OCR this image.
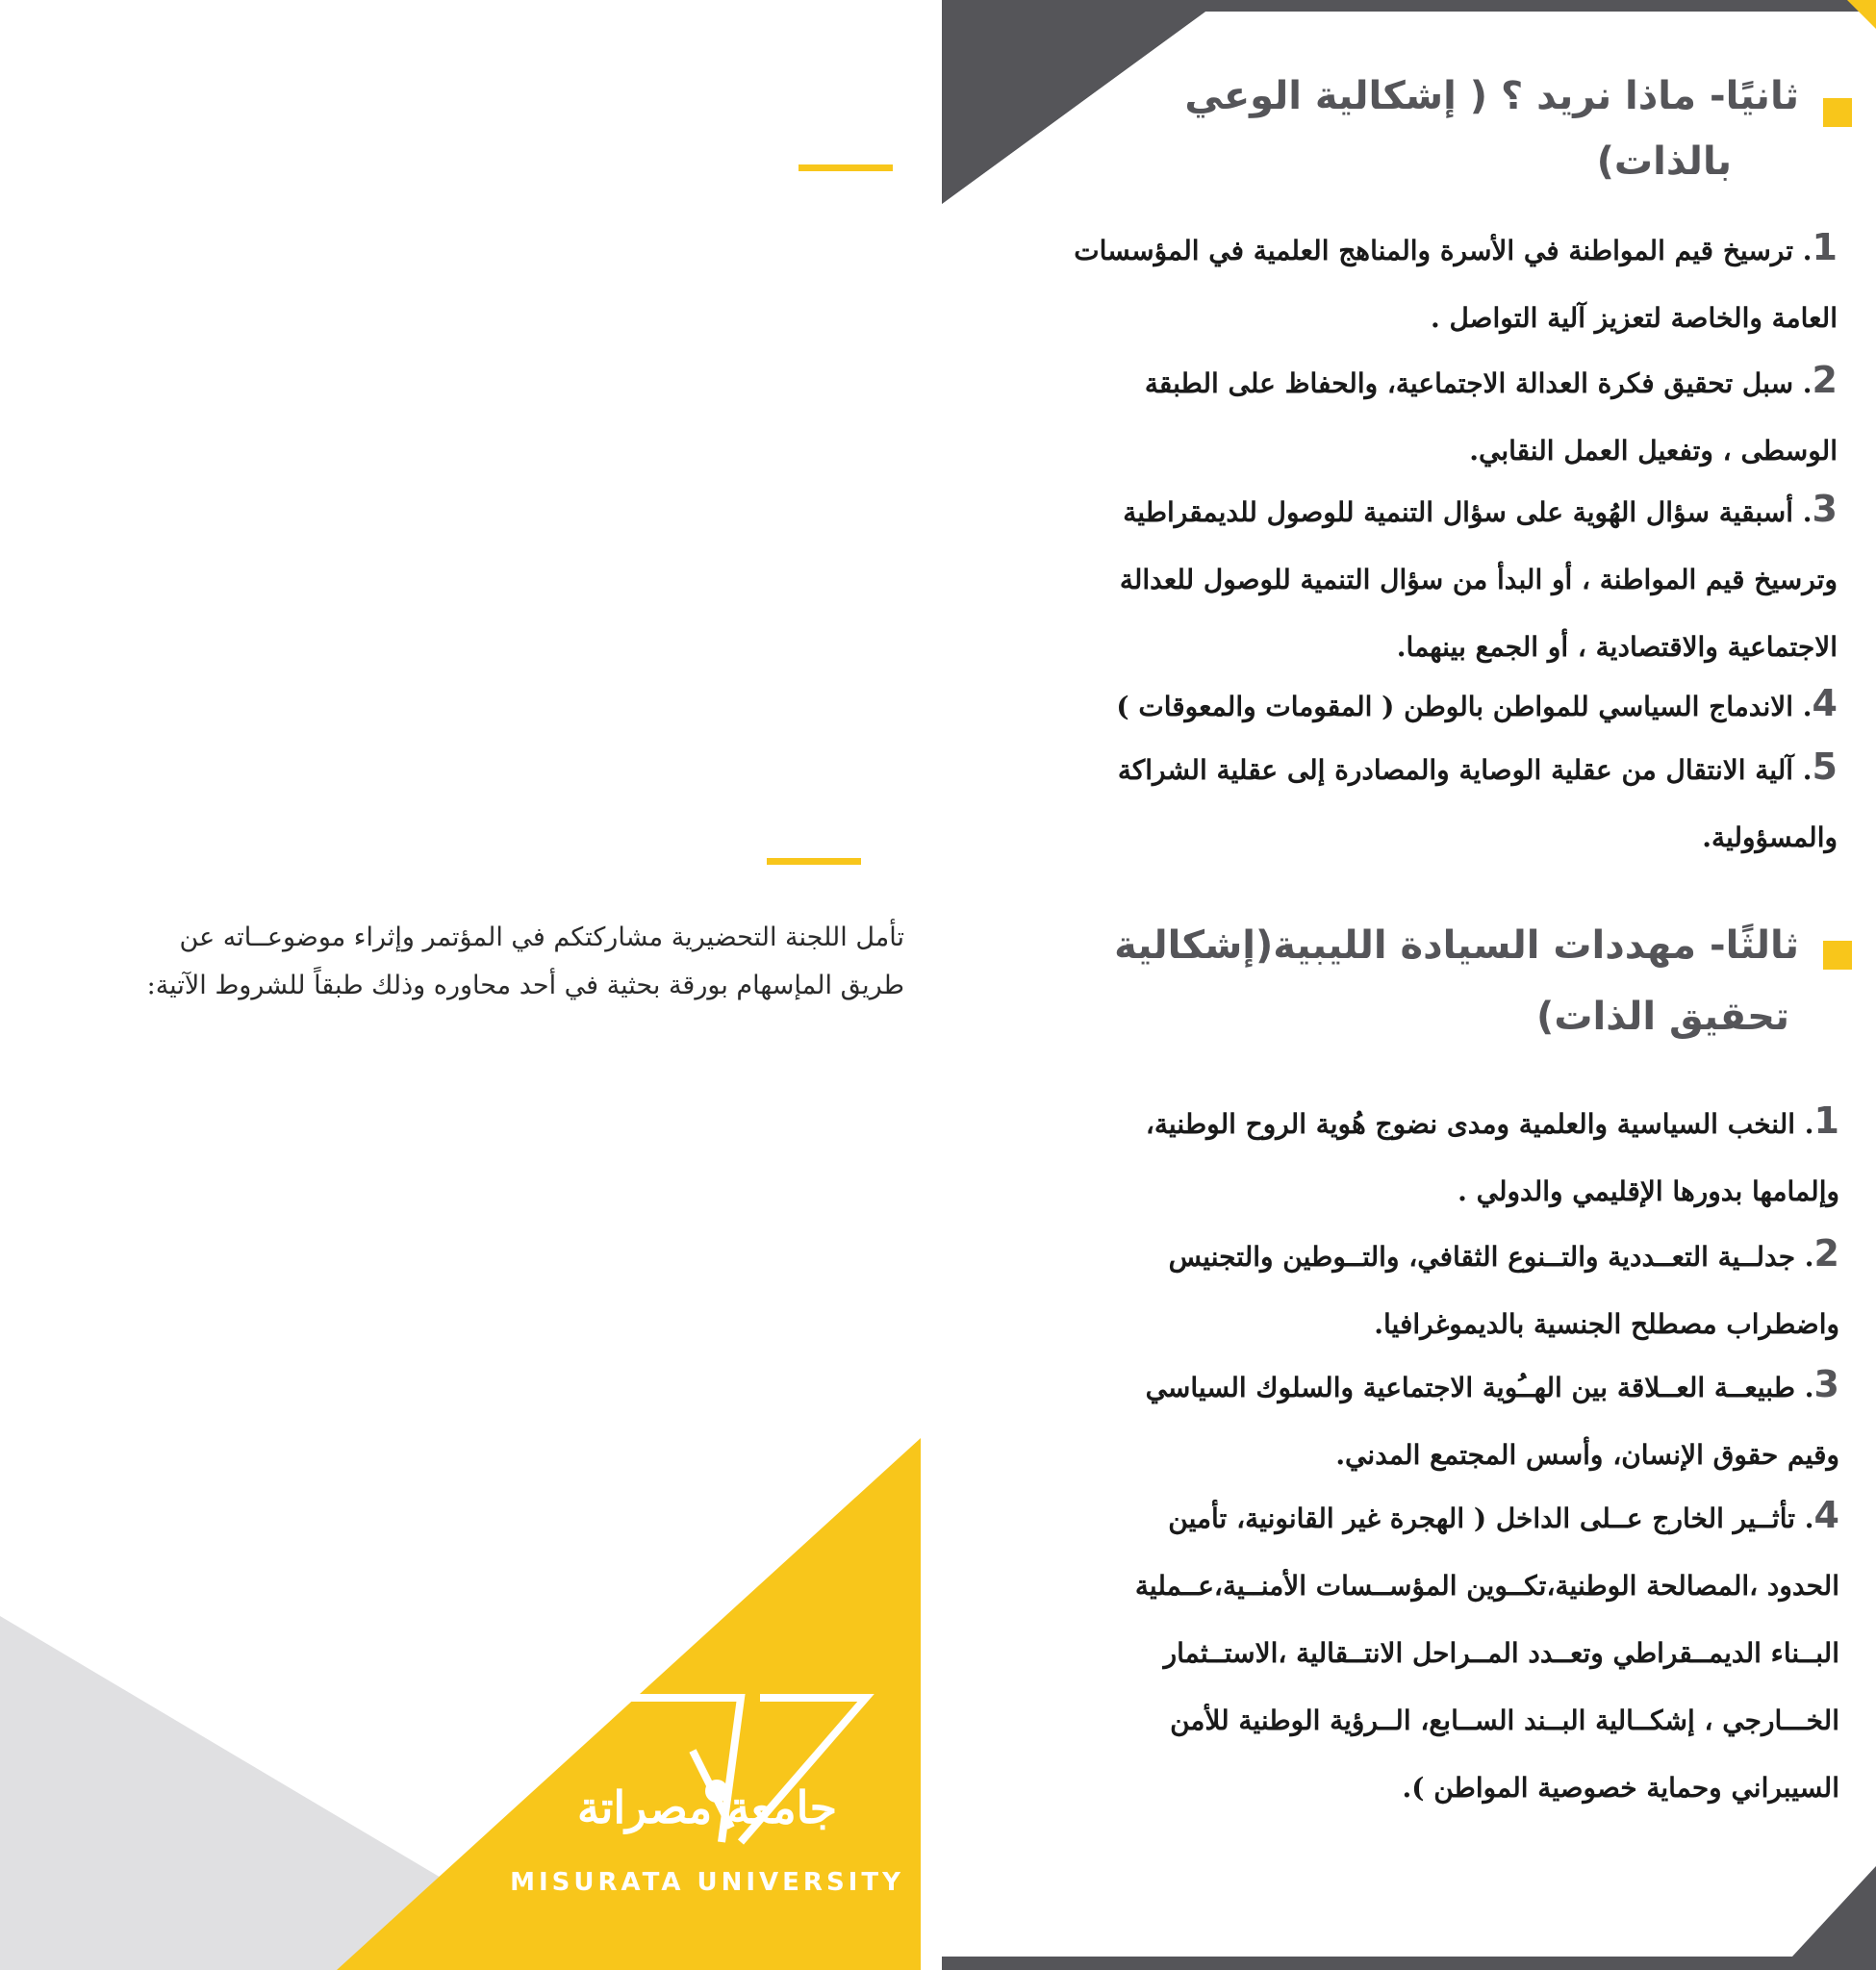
ثانيًا- ماذا نريد ؟ ( إشكالية الوعي
بالذات)
1. ترسيخ قيم المواطنة في الأسرة والمناهج العلمية في المؤسسات
العامة والخاصة لتعزيز آلية التواصل .
2. سبل تحقيق فكرة العدالة الاجتماعية، والحفاظ على الطبقة
الوسطى ، وتفعيل العمل النقابي.
3. أسبقية سؤال الهُوية على سؤال التنمية للوصول للديمقراطية
وترسيخ قيم المواطنة ، أو البدأ من سؤال التنمية للوصول للعدالة
الاجتماعية والاقتصادية ، أو الجمع بينهما.
4. الاندماج السياسي للمواطن بالوطن ( المقومات والمعوقات )
5. آلية الانتقال من عقلية الوصاية والمصادرة إلى عقلية الشراكة
والمسؤولية.
ثالثًا- مهددات السيادة الليبية(إشكالية
تحقيق الذات)
1. النخب السياسية والعلمية ومدى نضوج هُوية الروح الوطنية،
وإلمامها بدورها الإقليمي والدولي .
2. جدلــية التعــددية والتــنوع الثقافي، والتــوطين والتجنيس
واضطراب مصطلح الجنسية بالديموغرافيا.
3. طبيعــة العــلاقة بين الهــُوية الاجتماعية والسلوك السياسي
وقيم حقوق الإنسان، وأسس المجتمع المدني.
4. تأثــير الخارج عــلى الداخل ( الهجرة غير القانونية، تأمين
الحدود ،المصالحة الوطنية،تكــوين المؤســسات الأمنــية،عــملية
البــناء الديمــقراطي وتعــدد المــراحل الانتــقالية ،الاستــثمار
الخـــارجي ، إشكــالية البــند الســابع، الــرؤية الوطنية للأمن
السيبراني وحماية خصوصية المواطن ).
تأمل اللجنة التحضيرية مشاركتكم في المؤتمر وإثراء موضوعــاته عن
طريق المإسهام بورقة بحثية في أحد محاوره وذلك طبقاً للشروط الآتية:
جامعة مصراتة
MISURATA UNIVERSITY
